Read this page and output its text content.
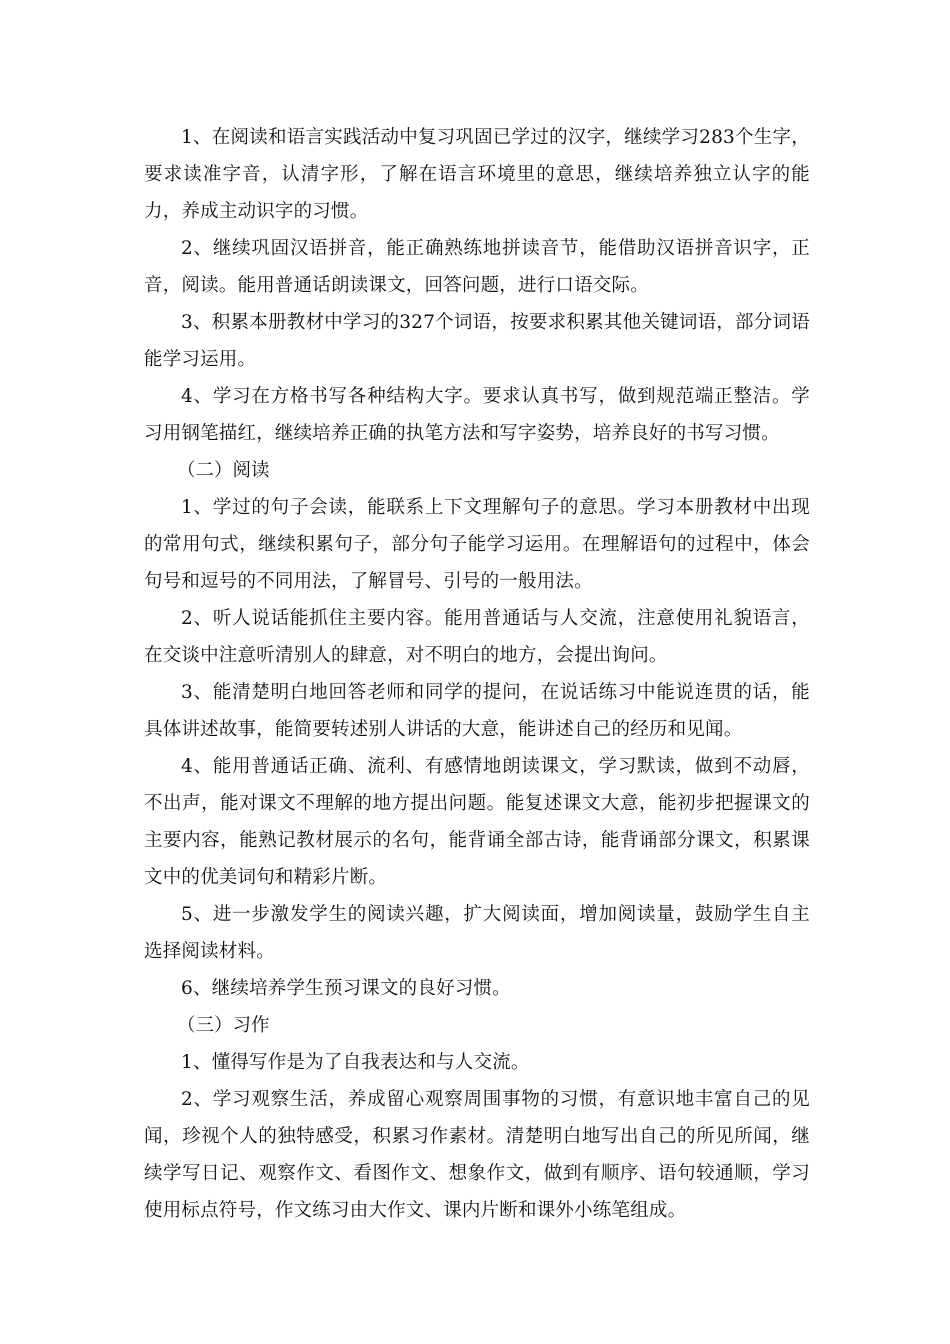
1、在阅读和语言实践活动中复习巩固已学过的汉字，继续学习283个生字，要求读准字音，认清字形，了解在语言环境里的意思，继续培养独立认字的能力，养成主动识字的习惯。

2、继续巩固汉语拼音，能正确熟练地拼读音节，能借助汉语拼音识字，正音，阅读。能用普通话朗读课文，回答问题，进行口语交际。

3、积累本册教材中学习的327个词语，按要求积累其他关键词语，部分词语能学习运用。

4、学习在方格书写各种结构大字。要求认真书写，做到规范端正整洁。学习用钢笔描红，继续培养正确的执笔方法和写字姿势，培养良好的书写习惯。

（二）阅读

1、学过的句子会读，能联系上下文理解句子的意思。学习本册教材中出现的常用句式，继续积累句子，部分句子能学习运用。在理解语句的过程中，体会句号和逗号的不同用法，了解冒号、引号的一般用法。

2、听人说话能抓住主要内容。能用普通话与人交流，注意使用礼貌语言，在交谈中注意听清别人的肆意，对不明白的地方，会提出询问。

3、能清楚明白地回答老师和同学的提问，在说话练习中能说连贯的话，能具体讲述故事，能简要转述别人讲话的大意，能讲述自己的经历和见闻。

4、能用普通话正确、流利、有感情地朗读课文，学习默读，做到不动唇，不出声，能对课文不理解的地方提出问题。能复述课文大意，能初步把握课文的主要内容，能熟记教材展示的名句，能背诵全部古诗，能背诵部分课文，积累课文中的优美词句和精彩片断。

5、进一步激发学生的阅读兴趣，扩大阅读面，增加阅读量，鼓励学生自主选择阅读材料。

6、继续培养学生预习课文的良好习惯。

（三）习作

1、懂得写作是为了自我表达和与人交流。

2、学习观察生活，养成留心观察周围事物的习惯，有意识地丰富自己的见闻，珍视个人的独特感受，积累习作素材。清楚明白地写出自己的所见所闻，继续学写日记、观察作文、看图作文、想象作文，做到有顺序、语句较通顺，学习使用标点符号，作文练习由大作文、课内片断和课外小练笔组成。
